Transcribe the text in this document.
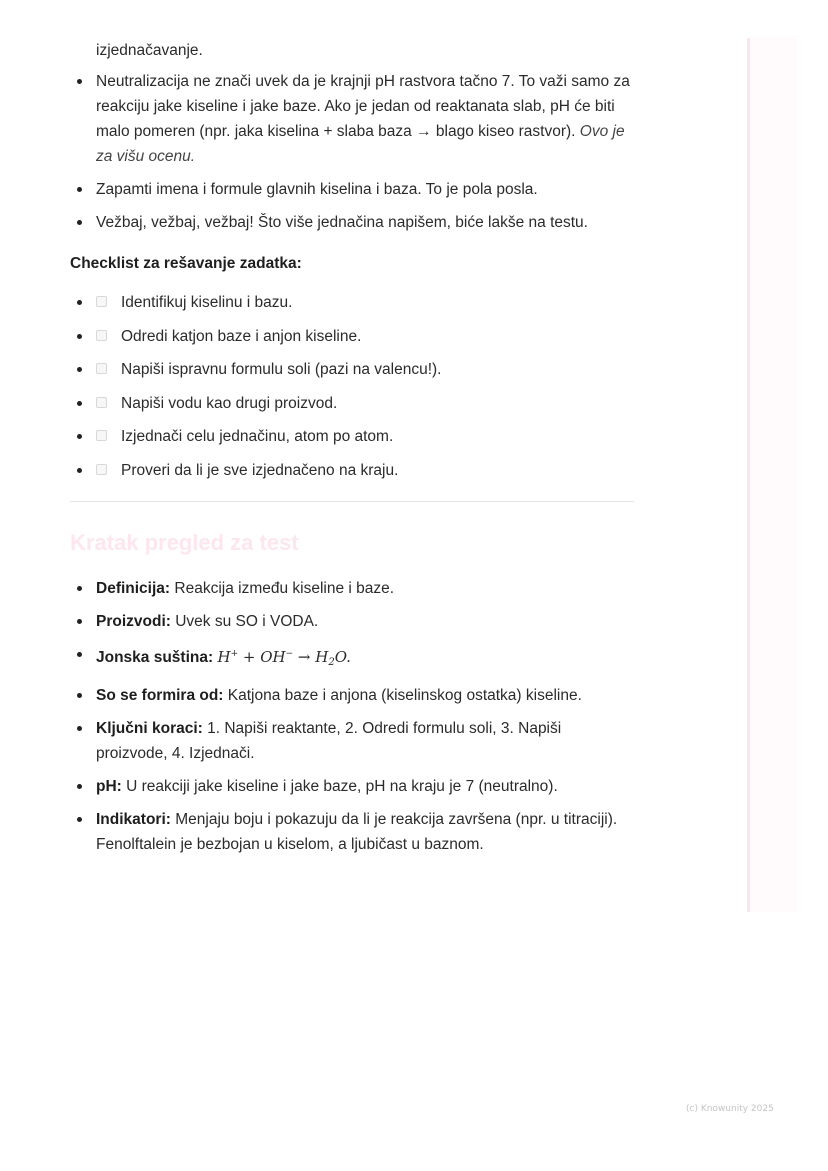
izjednačavanje.

Neutralizacija ne znači uvek da je krajnji pH rastvora tačno 7. To važi samo za reakciju jake kiseline i jake baze. Ako je jedan od reaktanata slab, pH će biti malo pomeren (npr. jaka kiselina + slaba baza → blago kiseo rastvor). Ovo je za višu ocenu.
Zapamti imena i formule glavnih kiselina i baza. To je pola posla.
Vežbaj, vežbaj, vežbaj! Što više jednačina napišem, biće lakše na testu.
Checklist za rešavanje zadatka:
Identifikuj kiselinu i bazu.
Odredi katjon baze i anjon kiseline.
Napiši ispravnu formulu soli (pazi na valencu!).
Napiši vodu kao drugi proizvod.
Izjednači celu jednačinu, atom po atom.
Proveri da li je sve izjednačeno na kraju.
Kratak pregled za test
Definicija: Reakcija između kiseline i baze.
Proizvodi: Uvek su SO i VODA.
Jonska suština: $H^+ + OH^- \to H_2O$.
So se formira od: Katjona baze i anjona (kiselinskog ostatka) kiseline.
Ključni koraci: 1. Napiši reaktante, 2. Odredi formulu soli, 3. Napiši proizvode, 4. Izjednači.
pH: U reakciji jake kiseline i jake baze, pH na kraju je 7 (neutralno).
Indikatori: Menjaju boju i pokazuju da li je reakcija završena (npr. u titraciji). Fenolftalein je bezbojan u kiselom, a ljubičast u baznom.
(c) Knowunity 2025
